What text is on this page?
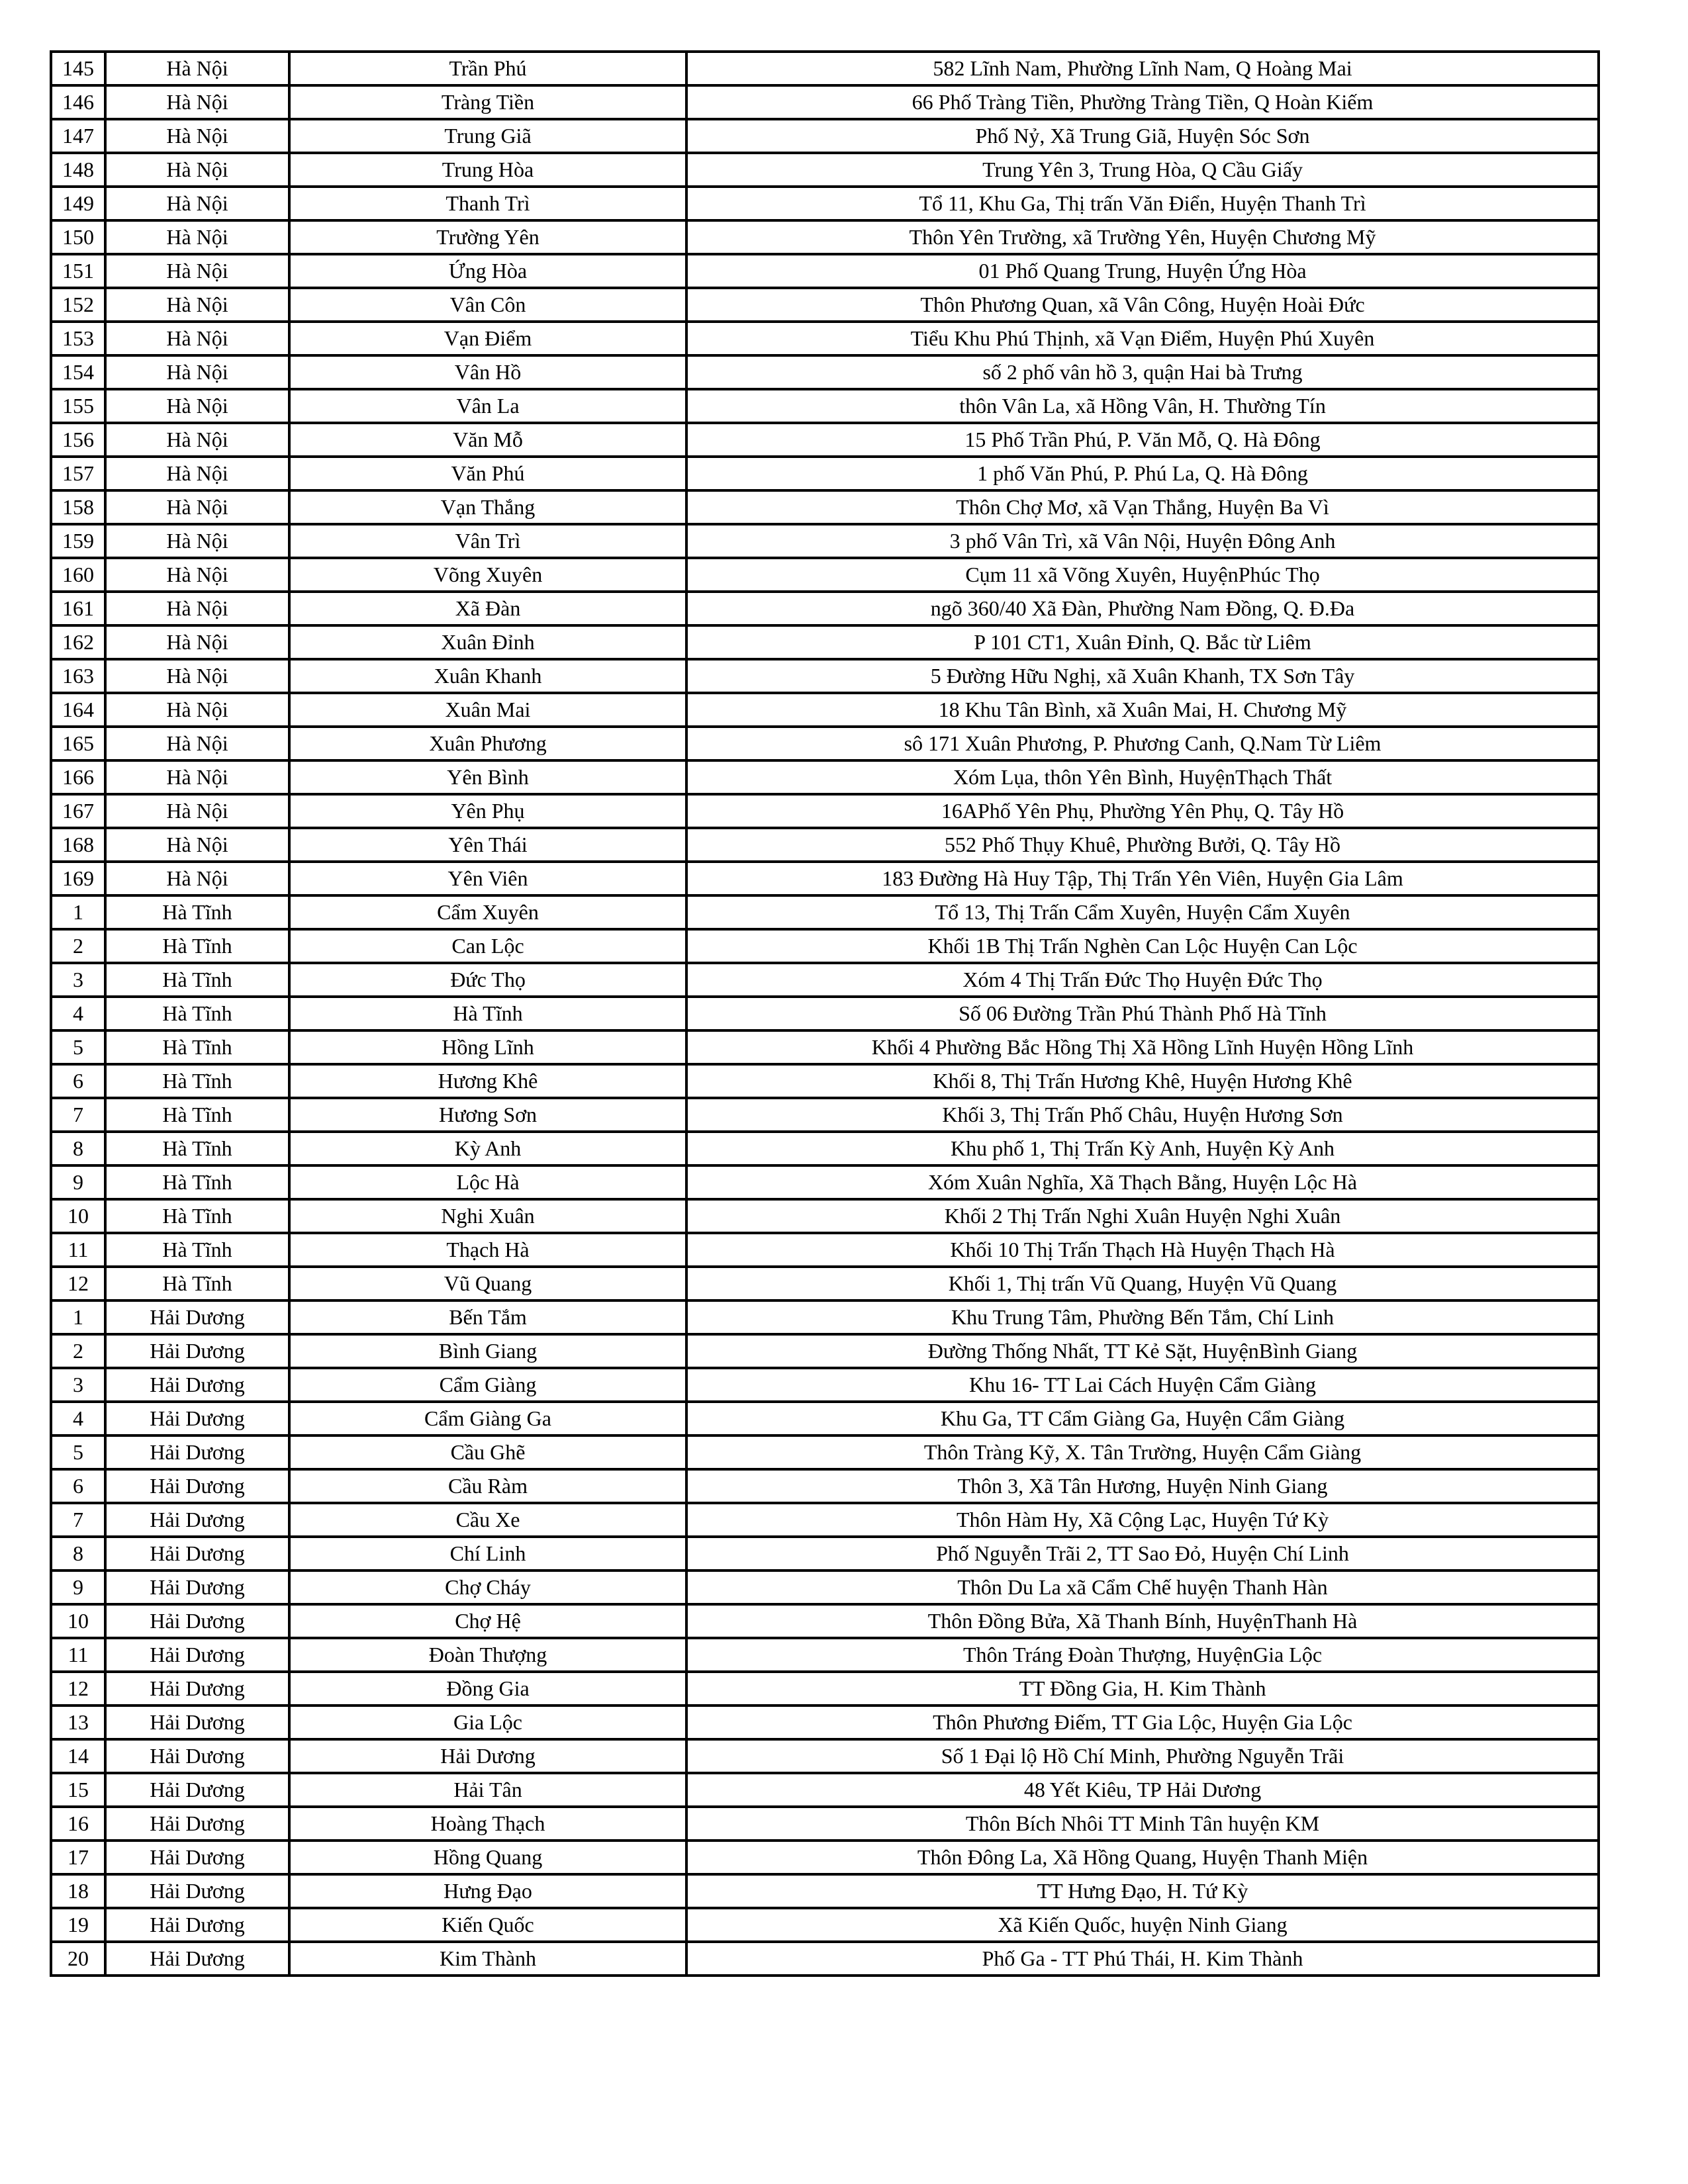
145	Hà Nội	Trần Phú	582 Lĩnh Nam, Phường Lĩnh Nam, Q Hoàng Mai
146	Hà Nội	Tràng Tiền	66 Phố Tràng Tiền, Phường Tràng Tiền, Q Hoàn Kiếm
147	Hà Nội	Trung Giã	Phố Nỷ, Xã Trung Giã, Huyện Sóc Sơn
148	Hà Nội	Trung Hòa	Trung Yên 3, Trung Hòa, Q Cầu Giấy
149	Hà Nội	Thanh Trì	Tổ 11, Khu Ga, Thị trấn Văn Điển, Huyện Thanh Trì
150	Hà Nội	Trường Yên	Thôn Yên Trường, xã Trường Yên, Huyện Chương Mỹ
151	Hà Nội	Ứng Hòa	01 Phố Quang Trung, Huyện Ứng Hòa
152	Hà Nội	Vân Côn	Thôn Phương Quan, xã Vân Công, Huyện Hoài Đức
153	Hà Nội	Vạn Điểm	Tiểu Khu Phú Thịnh, xã Vạn Điểm, Huyện Phú Xuyên
154	Hà Nội	Vân Hồ	số 2 phố vân hồ 3, quận Hai bà Trưng
155	Hà Nội	Vân La	thôn Vân La, xã Hồng Vân, H. Thường Tín
156	Hà Nội	Văn Mỗ	15 Phố Trần Phú, P. Văn Mỗ, Q. Hà Đông
157	Hà Nội	Văn Phú	1 phố Văn Phú, P. Phú La, Q. Hà Đông
158	Hà Nội	Vạn Thắng	Thôn Chợ Mơ, xã Vạn Thắng, Huyện Ba Vì
159	Hà Nội	Vân Trì	3 phố Vân Trì, xã Vân Nội, Huyện Đông Anh
160	Hà Nội	Võng Xuyên	Cụm 11 xã Võng Xuyên, HuyệnPhúc Thọ
161	Hà Nội	Xã Đàn	ngõ 360/40 Xã Đàn, Phường Nam Đồng, Q. Đ.Đa
162	Hà Nội	Xuân Đỉnh	P 101 CT1, Xuân Đỉnh, Q. Bắc từ Liêm
163	Hà Nội	Xuân Khanh	5 Đường Hữu Nghị, xã Xuân Khanh, TX Sơn Tây
164	Hà Nội	Xuân Mai	18 Khu Tân Bình, xã Xuân Mai, H. Chương Mỹ
165	Hà Nội	Xuân Phương	sô 171 Xuân Phương, P. Phương Canh, Q.Nam Từ Liêm
166	Hà Nội	Yên Bình	Xóm Lụa, thôn Yên Bình, HuyệnThạch Thất
167	Hà Nội	Yên Phụ	16APhố Yên Phụ, Phường Yên Phụ, Q. Tây Hồ
168	Hà Nội	Yên Thái	552 Phố Thụy Khuê, Phường Bưởi, Q. Tây Hồ
169	Hà Nội	Yên Viên	183 Đường Hà Huy Tập, Thị Trấn Yên Viên, Huyện Gia Lâm
1	Hà Tĩnh	Cẩm Xuyên	Tổ 13, Thị Trấn Cẩm Xuyên, Huyện Cẩm Xuyên
2	Hà Tĩnh	Can Lộc	Khối 1B Thị Trấn Nghèn Can Lộc Huyện Can Lộc
3	Hà Tĩnh	Đức Thọ	Xóm 4 Thị Trấn Đức Thọ Huyện Đức Thọ
4	Hà Tĩnh	Hà Tĩnh	Số 06 Đường Trần Phú Thành Phố Hà Tĩnh
5	Hà Tĩnh	Hồng Lĩnh	Khối 4 Phường Bắc Hồng Thị Xã Hồng Lĩnh Huyện Hồng Lĩnh
6	Hà Tĩnh	Hương Khê	Khối 8, Thị Trấn Hương Khê, Huyện Hương Khê
7	Hà Tĩnh	Hương Sơn	Khối 3, Thị Trấn Phố Châu, Huyện Hương Sơn
8	Hà Tĩnh	Kỳ Anh	Khu phố 1, Thị Trấn Kỳ Anh, Huyện Kỳ Anh
9	Hà Tĩnh	Lộc Hà	Xóm Xuân Nghĩa, Xã Thạch Bằng, Huyện Lộc Hà
10	Hà Tĩnh	Nghi Xuân	Khối 2 Thị Trấn Nghi Xuân Huyện Nghi Xuân
11	Hà Tĩnh	Thạch Hà	Khối 10 Thị Trấn Thạch Hà Huyện Thạch Hà
12	Hà Tĩnh	Vũ Quang	Khối 1, Thị trấn Vũ Quang, Huyện Vũ Quang
1	Hải Dương	Bến Tắm	Khu Trung Tâm, Phường Bến Tắm, Chí Linh
2	Hải Dương	Bình Giang	Đường Thống Nhất, TT Kẻ Sặt, HuyệnBình Giang
3	Hải Dương	Cẩm Giàng	Khu 16- TT Lai Cách Huyện Cẩm Giàng
4	Hải Dương	Cẩm Giàng Ga	Khu Ga, TT Cẩm Giàng Ga, Huyện Cẩm Giàng
5	Hải Dương	Cầu Ghẽ	Thôn Tràng Kỹ, X. Tân Trường, Huyện Cẩm Giàng
6	Hải Dương	Cầu Ràm	Thôn 3, Xã Tân Hương, Huyện Ninh Giang
7	Hải Dương	Cầu Xe	Thôn Hàm Hy, Xã Cộng Lạc, Huyện Tứ Kỳ
8	Hải Dương	Chí Linh	Phố Nguyễn Trãi 2, TT Sao Đỏ, Huyện Chí Linh
9	Hải Dương	Chợ Cháy	Thôn Du La xã Cẩm Chế huyện Thanh Hàn
10	Hải Dương	Chợ Hệ	Thôn Đồng Bửa, Xã Thanh Bính, HuyệnThanh Hà
11	Hải Dương	Đoàn Thượng	Thôn Tráng Đoàn Thượng, HuyệnGia Lộc
12	Hải Dương	Đồng Gia	TT Đồng Gia, H. Kim Thành
13	Hải Dương	Gia Lộc	Thôn Phương Điếm, TT Gia Lộc, Huyện Gia Lộc
14	Hải Dương	Hải Dương	Số 1 Đại lộ Hồ Chí Minh, Phường Nguyễn Trãi
15	Hải Dương	Hải Tân	48 Yết Kiêu, TP Hải Dương
16	Hải Dương	Hoàng Thạch	Thôn Bích Nhôi TT Minh Tân huyện KM
17	Hải Dương	Hồng Quang	Thôn Đông La, Xã Hồng Quang, Huyện Thanh Miện
18	Hải Dương	Hưng Đạo	TT Hưng Đạo, H. Tứ Kỳ
19	Hải Dương	Kiến Quốc	Xã Kiến Quốc, huyện Ninh Giang
20	Hải Dương	Kim Thành	Phố Ga - TT Phú Thái, H. Kim Thành
